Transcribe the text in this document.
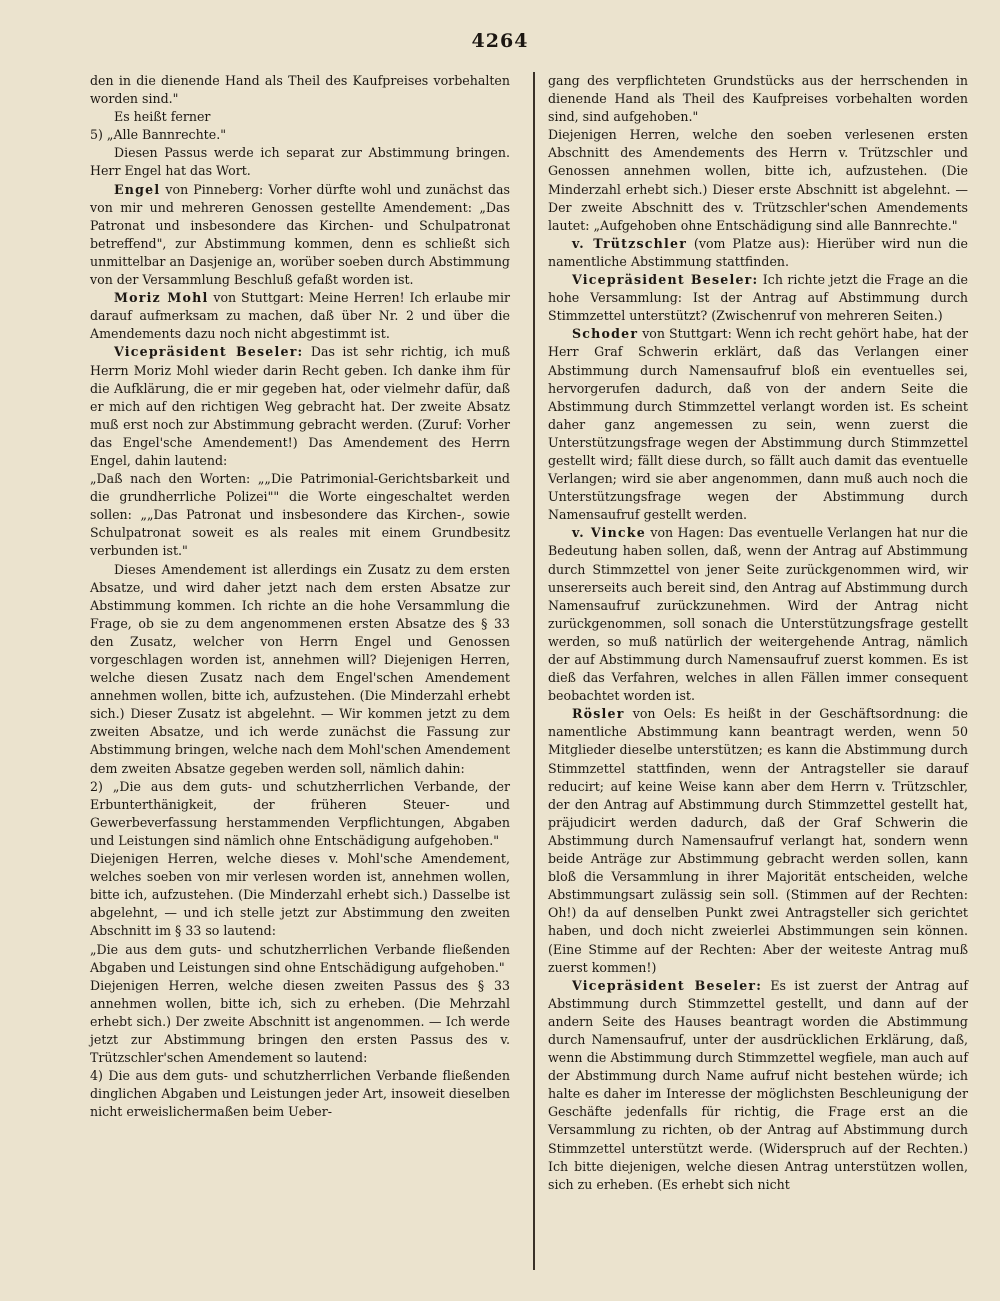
4264

den in die dienende Hand als Theil des Kaufpreises vorbehalten worden sind."

Es heißt ferner

5) „Alle Bannrechte."

Diesen Passus werde ich separat zur Abstimmung bringen. Herr Engel hat das Wort.

Engel von Pinneberg: Vorher dürfte wohl und zunächst das von mir und mehreren Genossen gestellte Amendement: „Das Patronat und insbesondere das Kirchen- und Schulpatronat betreffend", zur Abstimmung kommen, denn es schließt sich unmittelbar an Dasjenige an, worüber soeben durch Abstimmung von der Versammlung Beschluß gefaßt worden ist.

Moriz Mohl von Stuttgart: Meine Herren! Ich erlaube mir darauf aufmerksam zu machen, daß über Nr. 2 und über die Amendements dazu noch nicht abgestimmt ist.

Vicepräsident Beseler: Das ist sehr richtig, ich muß Herrn Moriz Mohl wieder darin Recht geben. Ich danke ihm für die Aufklärung, die er mir gegeben hat, oder vielmehr dafür, daß er mich auf den richtigen Weg gebracht hat. Der zweite Absatz muß erst noch zur Abstimmung gebracht werden. (Zuruf: Vorher das Engel'sche Amendement!) Das Amendement des Herrn Engel, dahin lautend:

„Daß nach den Worten: „„Die Patrimonial-Gerichtsbarkeit und die grundherrliche Polizei"" die Worte eingeschaltet werden sollen: „„Das Patronat und insbesondere das Kirchen-, sowie Schulpatronat soweit es als reales mit einem Grundbesitz verbunden ist."

Dieses Amendement ist allerdings ein Zusatz zu dem ersten Absatze, und wird daher jetzt nach dem ersten Absatze zur Abstimmung kommen. Ich richte an die hohe Versammlung die Frage, ob sie zu dem angenommenen ersten Absatze des § 33 den Zusatz, welcher von Herrn Engel und Genossen vorgeschlagen worden ist, annehmen will? Diejenigen Herren, welche diesen Zusatz nach dem Engel'schen Amendement annehmen wollen, bitte ich, aufzustehen. (Die Minderzahl erhebt sich.) Dieser Zusatz ist abgelehnt. — Wir kommen jetzt zu dem zweiten Absatze, und ich werde zunächst die Fassung zur Abstimmung bringen, welche nach dem Mohl'schen Amendement dem zweiten Absatze gegeben werden soll, nämlich dahin:

2) „Die aus dem guts- und schutzherrlichen Verbande, der Erbunterthänigkeit, der früheren Steuer- und Gewerbeverfassung herstammenden Verpflichtungen, Abgaben und Leistungen sind nämlich ohne Entschädigung aufgehoben."

Diejenigen Herren, welche dieses v. Mohl'sche Amendement, welches soeben von mir verlesen worden ist, annehmen wollen, bitte ich, aufzustehen. (Die Minderzahl erhebt sich.) Dasselbe ist abgelehnt, — und ich stelle jetzt zur Abstimmung den zweiten Abschnitt im § 33 so lautend:

„Die aus dem guts- und schutzherrlichen Verbande fließenden Abgaben und Leistungen sind ohne Entschädigung aufgehoben."

Diejenigen Herren, welche diesen zweiten Passus des § 33 annehmen wollen, bitte ich, sich zu erheben. (Die Mehrzahl erhebt sich.) Der zweite Abschnitt ist angenommen. — Ich werde jetzt zur Abstimmung bringen den ersten Passus des v. Trützschler'schen Amendement so lautend:

4) Die aus dem guts- und schutzherrlichen Verbande fließenden dinglichen Abgaben und Leistungen jeder Art, insoweit dieselben nicht erweislichermaßen beim Ueber-

gang des verpflichteten Grundstücks aus der herrschenden in dienende Hand als Theil des Kaufpreises vorbehalten worden sind, sind aufgehoben."

Diejenigen Herren, welche den soeben verlesenen ersten Abschnitt des Amendements des Herrn v. Trützschler und Genossen annehmen wollen, bitte ich, aufzustehen. (Die Minderzahl erhebt sich.) Dieser erste Abschnitt ist abgelehnt. — Der zweite Abschnitt des v. Trützschler'schen Amendements lautet: „Aufgehoben ohne Entschädigung sind alle Bannrechte."

v. Trützschler (vom Platze aus): Hierüber wird nun die namentliche Abstimmung stattfinden.

Vicepräsident Beseler: Ich richte jetzt die Frage an die hohe Versammlung: Ist der Antrag auf Abstimmung durch Stimmzettel unterstützt? (Zwischenruf von mehreren Seiten.)

Schoder von Stuttgart: Wenn ich recht gehört habe, hat der Herr Graf Schwerin erklärt, daß das Verlangen einer Abstimmung durch Namensaufruf bloß ein eventuelles sei, hervorgerufen dadurch, daß von der andern Seite die Abstimmung durch Stimmzettel verlangt worden ist. Es scheint daher ganz angemessen zu sein, wenn zuerst die Unterstützungsfrage wegen der Abstimmung durch Stimmzettel gestellt wird; fällt diese durch, so fällt auch damit das eventuelle Verlangen; wird sie aber angenommen, dann muß auch noch die Unterstützungsfrage wegen der Abstimmung durch Namensaufruf gestellt werden.

v. Vincke von Hagen: Das eventuelle Verlangen hat nur die Bedeutung haben sollen, daß, wenn der Antrag auf Abstimmung durch Stimmzettel von jener Seite zurückgenommen wird, wir unsererseits auch bereit sind, den Antrag auf Abstimmung durch Namensaufruf zurückzunehmen. Wird der Antrag nicht zurückgenommen, soll sonach die Unterstützungsfrage gestellt werden, so muß natürlich der weitergehende Antrag, nämlich der auf Abstimmung durch Namensaufruf zuerst kommen. Es ist dieß das Verfahren, welches in allen Fällen immer consequent beobachtet worden ist.

Rösler von Oels: Es heißt in der Geschäftsordnung: die namentliche Abstimmung kann beantragt werden, wenn 50 Mitglieder dieselbe unterstützen; es kann die Abstimmung durch Stimmzettel stattfinden, wenn der Antragsteller sie darauf reducirt; auf keine Weise kann aber dem Herrn v. Trützschler, der den Antrag auf Abstimmung durch Stimmzettel gestellt hat, präjudicirt werden dadurch, daß der Graf Schwerin die Abstimmung durch Namensaufruf verlangt hat, sondern wenn beide Anträge zur Abstimmung gebracht werden sollen, kann bloß die Versammlung in ihrer Majorität entscheiden, welche Abstimmungsart zulässig sein soll. (Stimmen auf der Rechten: Oh!) da auf denselben Punkt zwei Antragsteller sich gerichtet haben, und doch nicht zweierlei Abstimmungen sein können. (Eine Stimme auf der Rechten: Aber der weiteste Antrag muß zuerst kommen!)

Vicepräsident Beseler: Es ist zuerst der Antrag auf Abstimmung durch Stimmzettel gestellt, und dann auf der andern Seite des Hauses beantragt worden die Abstimmung durch Namensaufruf, unter der ausdrücklichen Erklärung, daß, wenn die Abstimmung durch Stimmzettel wegfiele, man auch auf der Abstimmung durch Name aufruf nicht bestehen würde; ich halte es daher im Interesse der möglichsten Beschleunigung der Geschäfte jedenfalls für richtig, die Frage erst an die Versammlung zu richten, ob der Antrag auf Abstimmung durch Stimmzettel unterstützt werde. (Widerspruch auf der Rechten.) Ich bitte diejenigen, welche diesen Antrag unterstützen wollen, sich zu erheben. (Es erhebt sich nicht
